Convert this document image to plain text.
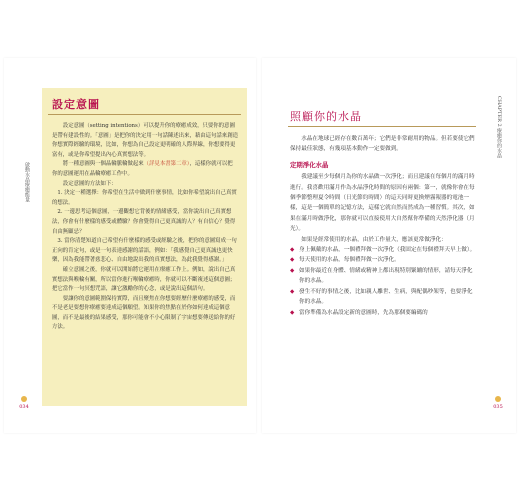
啟動水晶療癒能量
設定意圖

設定意圖（setting intentions）可以提升你的療癒成效，只要你的意圖是帶有建設性的。「意圖」是把你的決定用一句話陳述出來，藉由這句話來創造你想實際經驗的環境，比如，你想為自己設定更明確的人際界線，你想要得更富有，或是你希望提出內心真實想法等。

將一種意圖與一個晶輪脈輪做起來（詳見本書第二章），這樣你就可以把你的意圖運用在晶輪療癒工作中。

設定意圖的方法如下：

1. 決定一種選擇：你希望在生活中做到什麼事情，比如你希望說出自己真實的想法。

2. 一邊思考這個意圖，一邊觀想它背後的情緒感受，當你說出自己真實想法，你會有什麼樣的感受或體驗？你會覺得自己更真誠的人？有自信心？覺得自由無顧忌？

3. 當你清楚知道自己希望有什麼樣的感受或經驗之後，把你的意圖寫成一句正向的肯定句，或是一句表達感謝的話語，例如：「我感覺自己更真誠也更快樂，因為我能帶著慈悲心、自由地說出我的真實想法，為此我覺得感謝。」

確立意圖之後，你就可以開始將它運用在療癒工作上。例如，說出自己真實想法與喉輪有關，所以當你進行喉輪療癒時，你就可以不斷複述這個意圖；把它當作一句冥想咒語，讓它激勵你的心念，或是說出這個語句。

要讓你的意圖範圍保持實際，而且聚焦在你想要經歷什麼療癒的感受，而不是老是要想你療癒要達成這個願望。知果你的焦點在於你如何達成這個意圖，而不是最後的結果感受，那你可能會不小心限制了宇宙想要傳送給你的好方法。

034
照顧你的水晶

水晶在地球已經存在數百萬年；它們是非常耐用的物品。但若要使它們保持最佳狀態，有幾項基本動作一定要做到。

定期淨化水晶

我建議至少每個月為你的水晶做一次淨化；而且建議在每個月的滿月時進行。我喜歡用滿月作為水晶淨化時間的原因有兩個：第一，就像你會在每個季節整理夏令時間（日光節約時間）的這天同時更換煙霧報器的電池一樣，這是一個簡單的記憶方法，這樣它就自然而然成為一種習慣。其次，如果在滿月時做淨化，那你就可以直接使用大自然幫你準備的天然淨化器（月光）。

如果是經常使用的水晶，由於工作量大，應該更常做淨化：

◆ 身上佩戴的水晶，一個禮拜做一次淨化（我固定在每個禮拜天早上做）。

◆ 每天使用的水晶，每個禮拜做一次淨化。

◆ 如果你最近在身體、情緒或精神上都出現特別緊繃的情形，請每天淨化你的水晶。

◆ 發生不好的事情之後，比如親人離世、生病，與配偶吵架等，也要淨化你的水晶。

◆ 當你準備為水晶設定新的意圖時，先為那個要編碼的

CHAPTER 2 療癒你的水晶
035
